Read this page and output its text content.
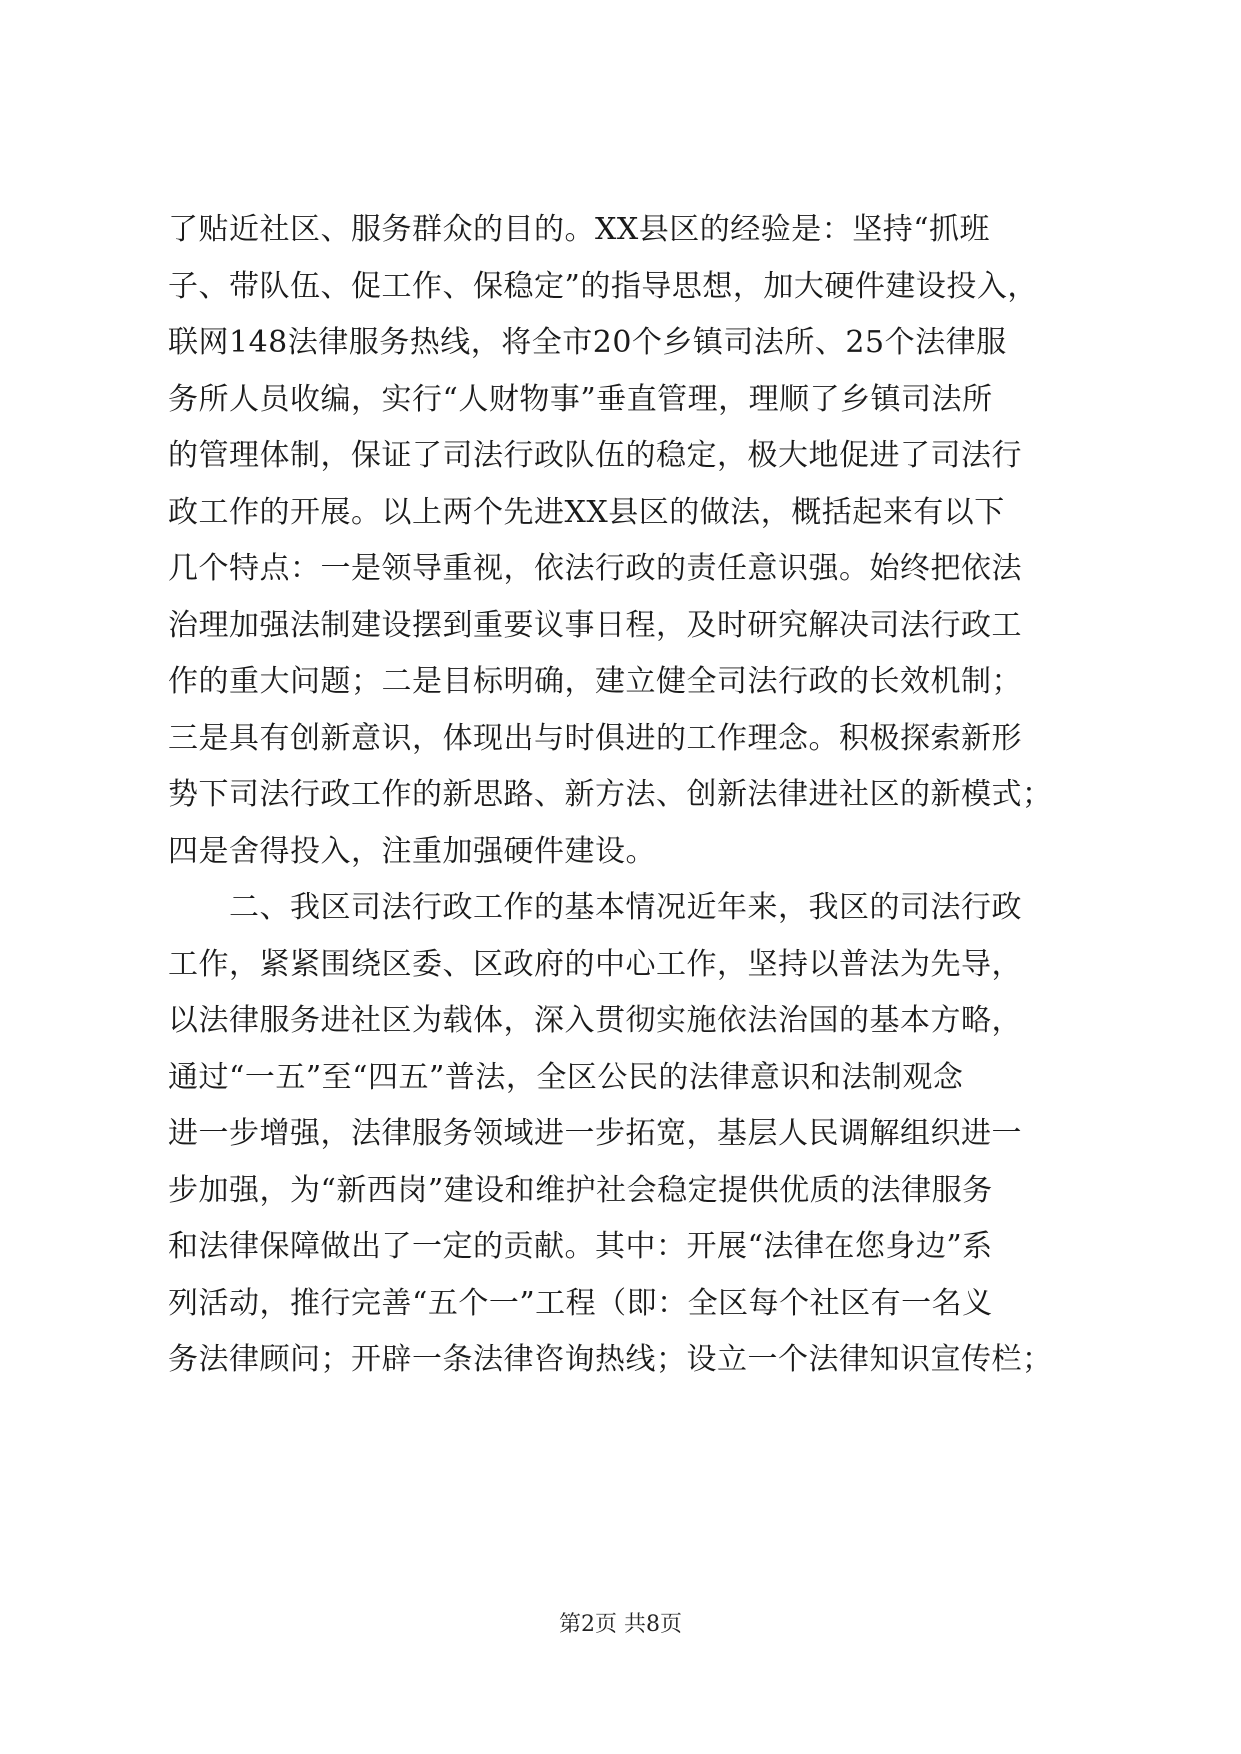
了贴近社区、服务群众的目的。XX县区的经验是：坚持“抓班
子、带队伍、促工作、保稳定”的指导思想，加大硬件建设投入，
联网148法律服务热线，将全市20个乡镇司法所、25个法律服
务所人员收编，实行“人财物事”垂直管理，理顺了乡镇司法所
的管理体制，保证了司法行政队伍的稳定，极大地促进了司法行
政工作的开展。以上两个先进XX县区的做法，概括起来有以下
几个特点：一是领导重视，依法行政的责任意识强。始终把依法
治理加强法制建设摆到重要议事日程，及时研究解决司法行政工
作的重大问题；二是目标明确，建立健全司法行政的长效机制；
三是具有创新意识，体现出与时俱进的工作理念。积极探索新形
势下司法行政工作的新思路、新方法、创新法律进社区的新模式；
四是舍得投入，注重加强硬件建设。
　　二、我区司法行政工作的基本情况近年来，我区的司法行政
工作，紧紧围绕区委、区政府的中心工作，坚持以普法为先导，
以法律服务进社区为载体，深入贯彻实施依法治国的基本方略，
通过“一五”至“四五”普法，全区公民的法律意识和法制观念
进一步增强，法律服务领域进一步拓宽，基层人民调解组织进一
步加强，为“新西岗”建设和维护社会稳定提供优质的法律服务
和法律保障做出了一定的贡献。其中：开展“法律在您身边”系
列活动，推行完善“五个一”工程（即：全区每个社区有一名义
务法律顾问；开辟一条法律咨询热线；设立一个法律知识宣传栏；
第2页 共8页
